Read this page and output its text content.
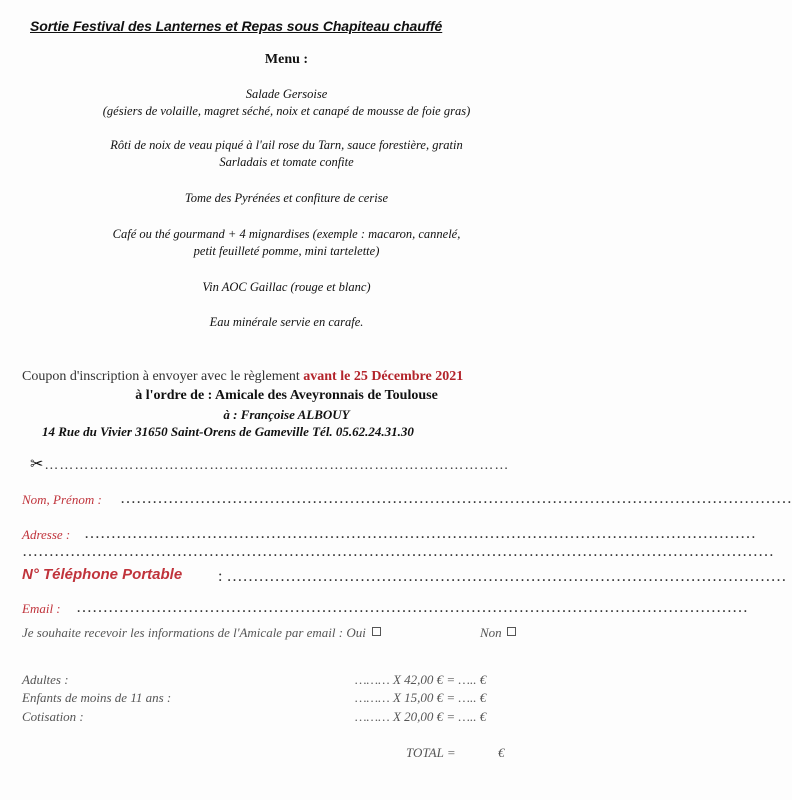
Sortie Festival des Lanternes et Repas sous Chapiteau chauffé
Menu :
Salade Gersoise
(gésiers de volaille, magret séché, noix et canapé de mousse de foie gras)
Rôti de noix de veau piqué à l'ail rose du Tarn, sauce forestière, gratin
Sarladais et tomate confite
Tome des Pyrénées et confiture de cerise
Café ou thé gourmand + 4 mignardises (exemple : macaron, cannelé,
petit feuilleté pomme, mini tartelette)
Vin AOC Gaillac (rouge et blanc)
Eau minérale servie en carafe.
Coupon d'inscription à envoyer avec le règlement avant le 25 Décembre 2021
à l'ordre de : Amicale des Aveyronnais de Toulouse
à : Françoise ALBOUY
14 Rue du Vivier 31650 Saint-Orens de Gameville Tél. 05.62.24.31.30
✂…………………………………………………………………………………
Nom, Prénom : ………………………………………………………………………………………………………………
Adresse : ………………………………………………………………………………………………………………
……………………………………………………………………………………………………………………………
N° Téléphone Portable : ……………………………………………………………………………………………
Email : ………………………………………………………………………………………………………………
Je souhaite recevoir les informations de l'Amicale par email : Oui	Non
Adultes :	……… X 42,00 € = ….. €
Enfants de moins de 11 ans :	……… X 15,00 € = ….. €
Cotisation :	……… X 20,00 € = ….. €
TOTAL =	€
